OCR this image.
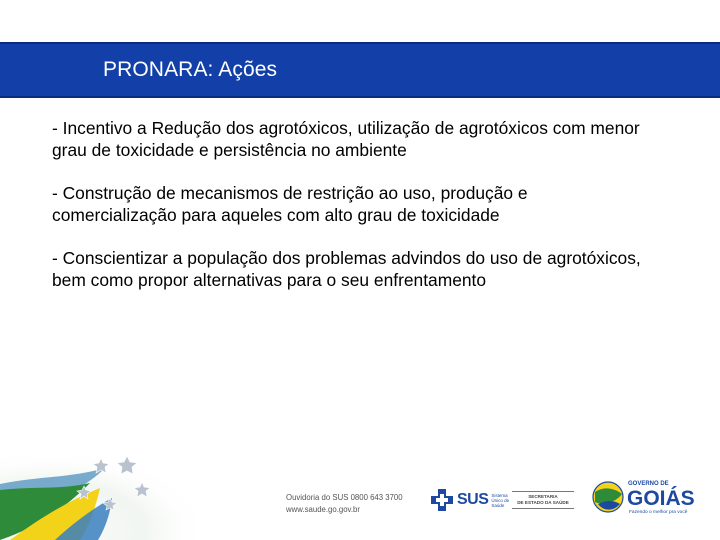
PRONARA: Ações

- Incentivo a Redução dos agrotóxicos, utilização de agrotóxicos com menor grau de toxicidade e persistência no ambiente

- Construção de mecanismos de restrição ao uso, produção e comercialização para aqueles com alto grau de toxicidade

- Conscientizar a população dos problemas advindos do uso de agrotóxicos, bem como propor alternativas para o seu enfrentamento

Ouvidoria do SUS 0800 643 3700
www.saude.go.gov.br
SUS Sistema Único de Saúde
SECRETARIA
DE ESTADO DA SAÚDE
GOVERNO DE
GOIÁS
Fazendo o melhor pra você
